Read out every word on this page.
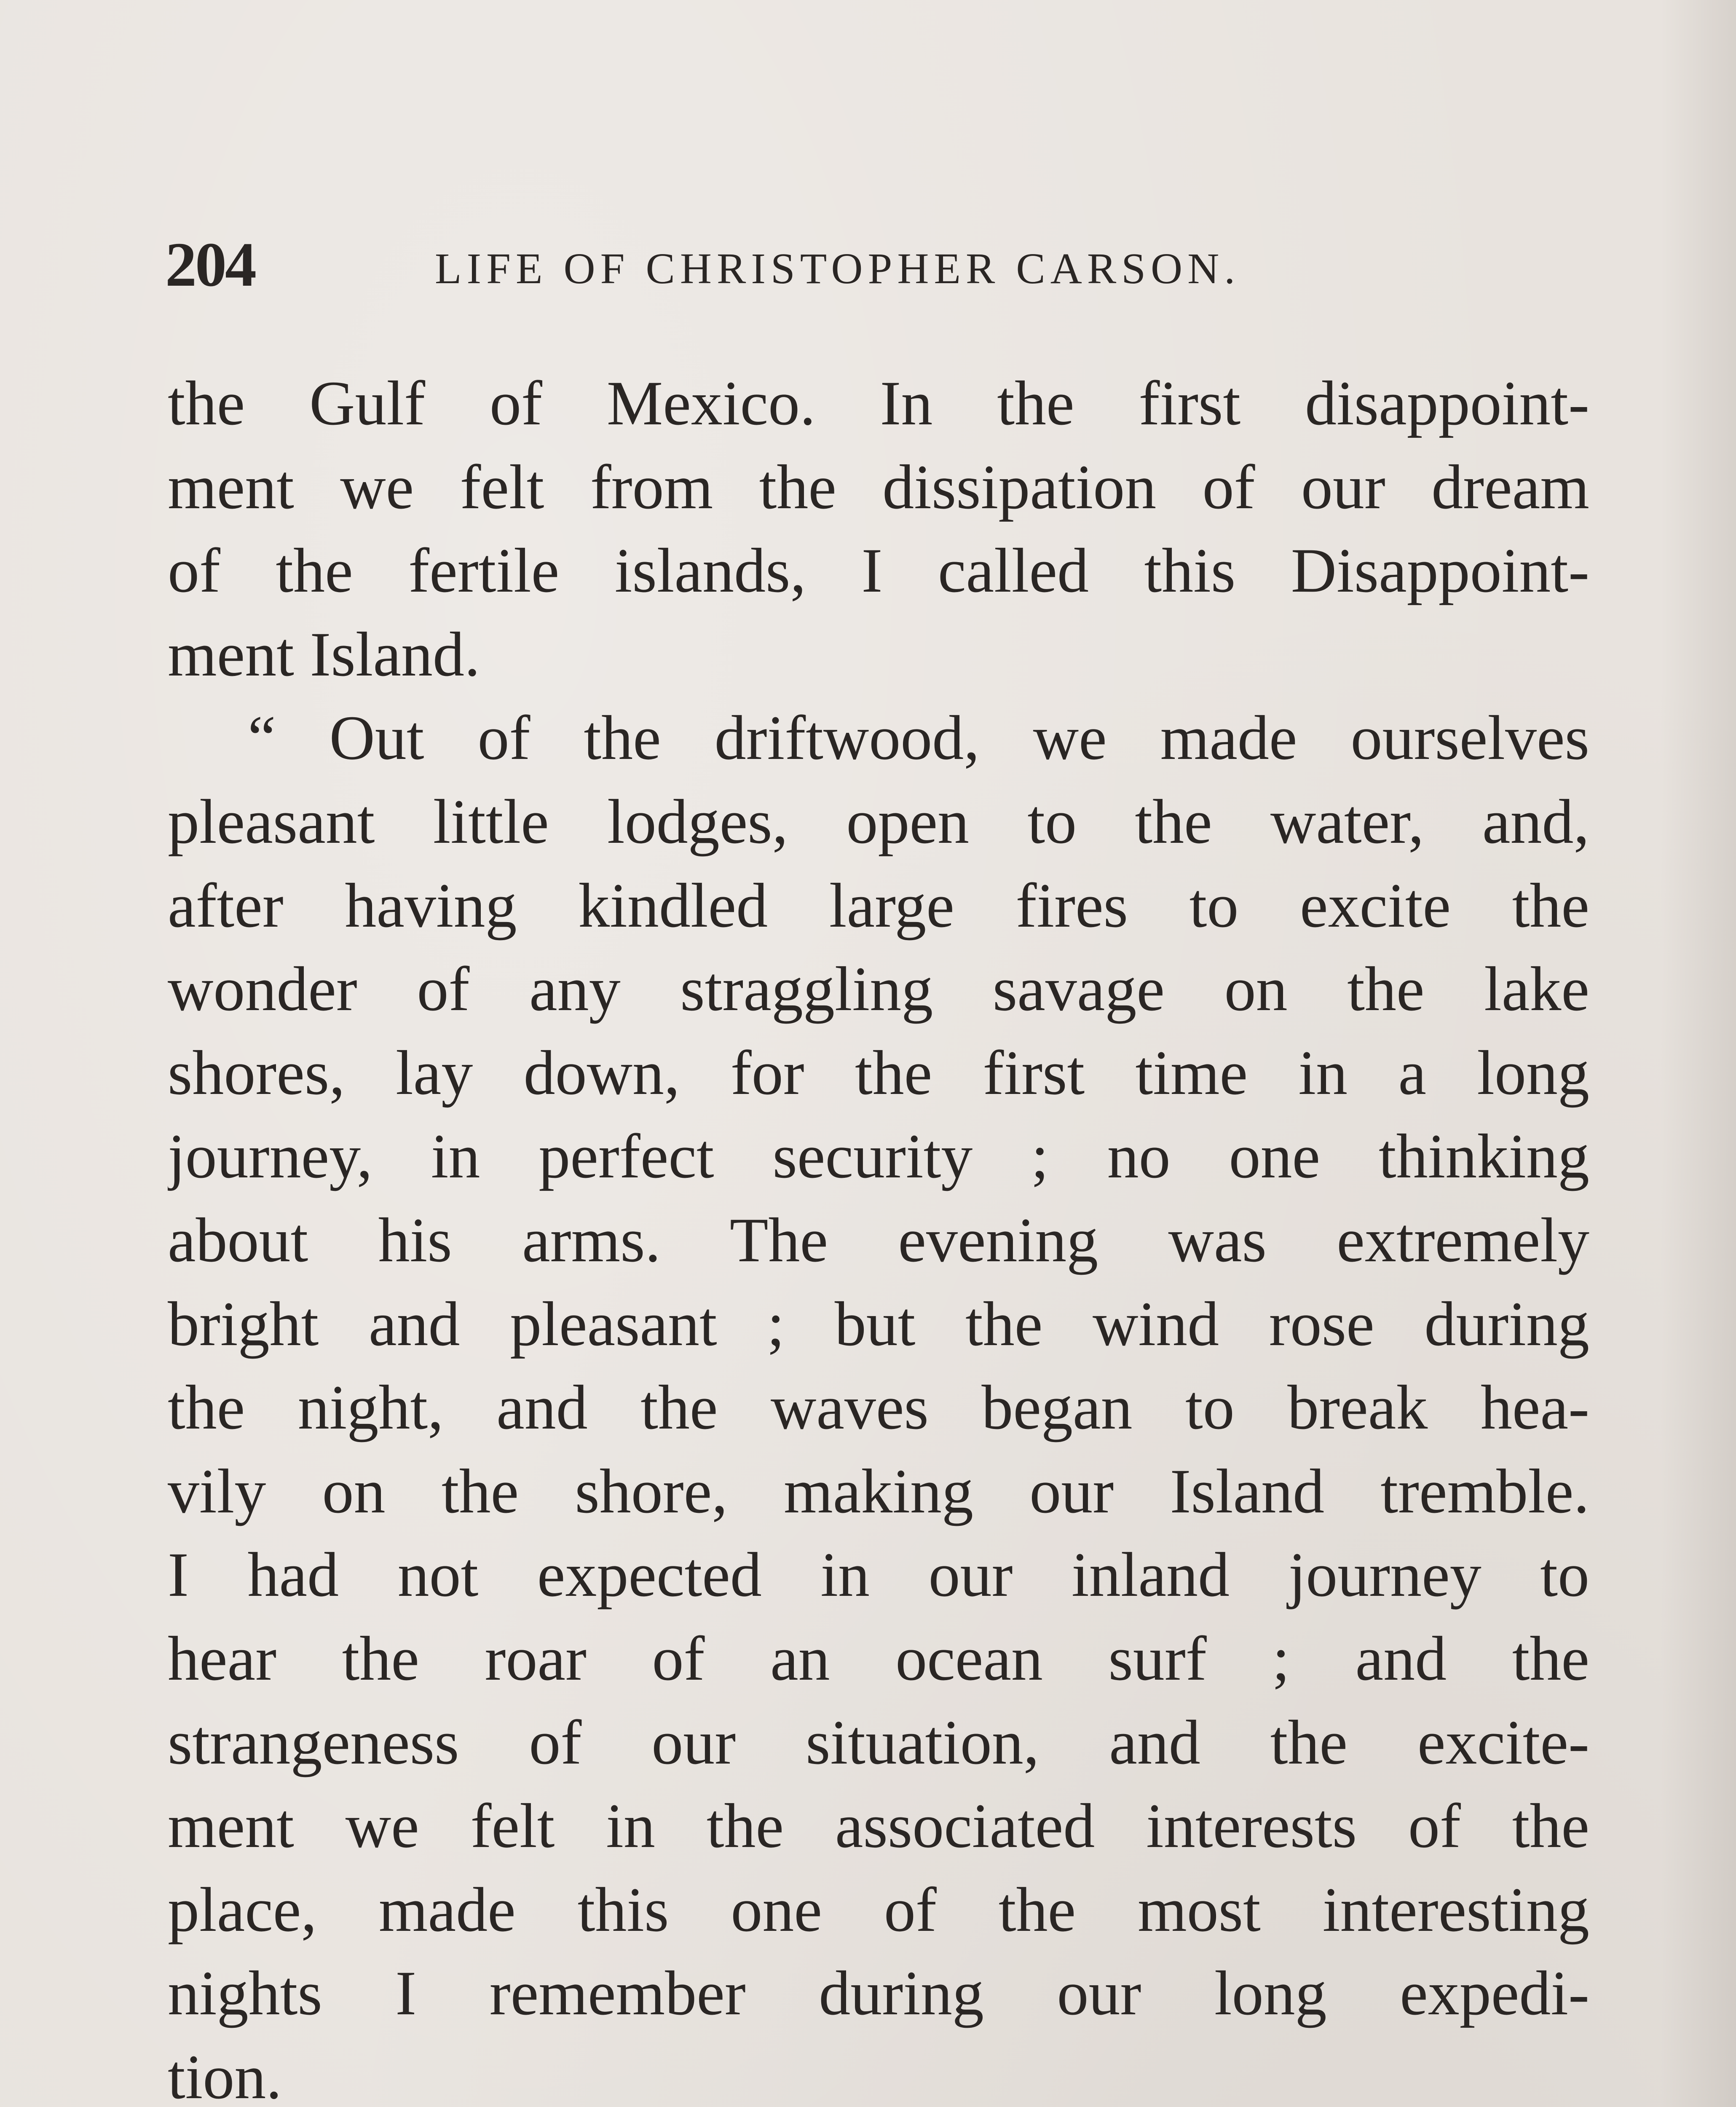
204	LIFE OF CHRISTOPHER CARSON.
the Gulf of Mexico. In the first disappoint-
ment we felt from the dissipation of our dream
of the fertile islands, I called this Disappoint-
ment Island.
“ Out of the driftwood, we made ourselves
pleasant little lodges, open to the water, and,
after having kindled large fires to excite the
wonder of any straggling savage on the lake
shores, lay down, for the first time in a long
journey, in perfect security ; no one thinking
about his arms. The evening was extremely
bright and pleasant ; but the wind rose during
the night, and the waves began to break hea-
vily on the shore, making our Island tremble.
I had not expected in our inland journey to
hear the roar of an ocean surf ; and the
strangeness of our situation, and the excite-
ment we felt in the associated interests of the
place, made this one of the most interesting
nights I remember during our long expedi-
tion.
